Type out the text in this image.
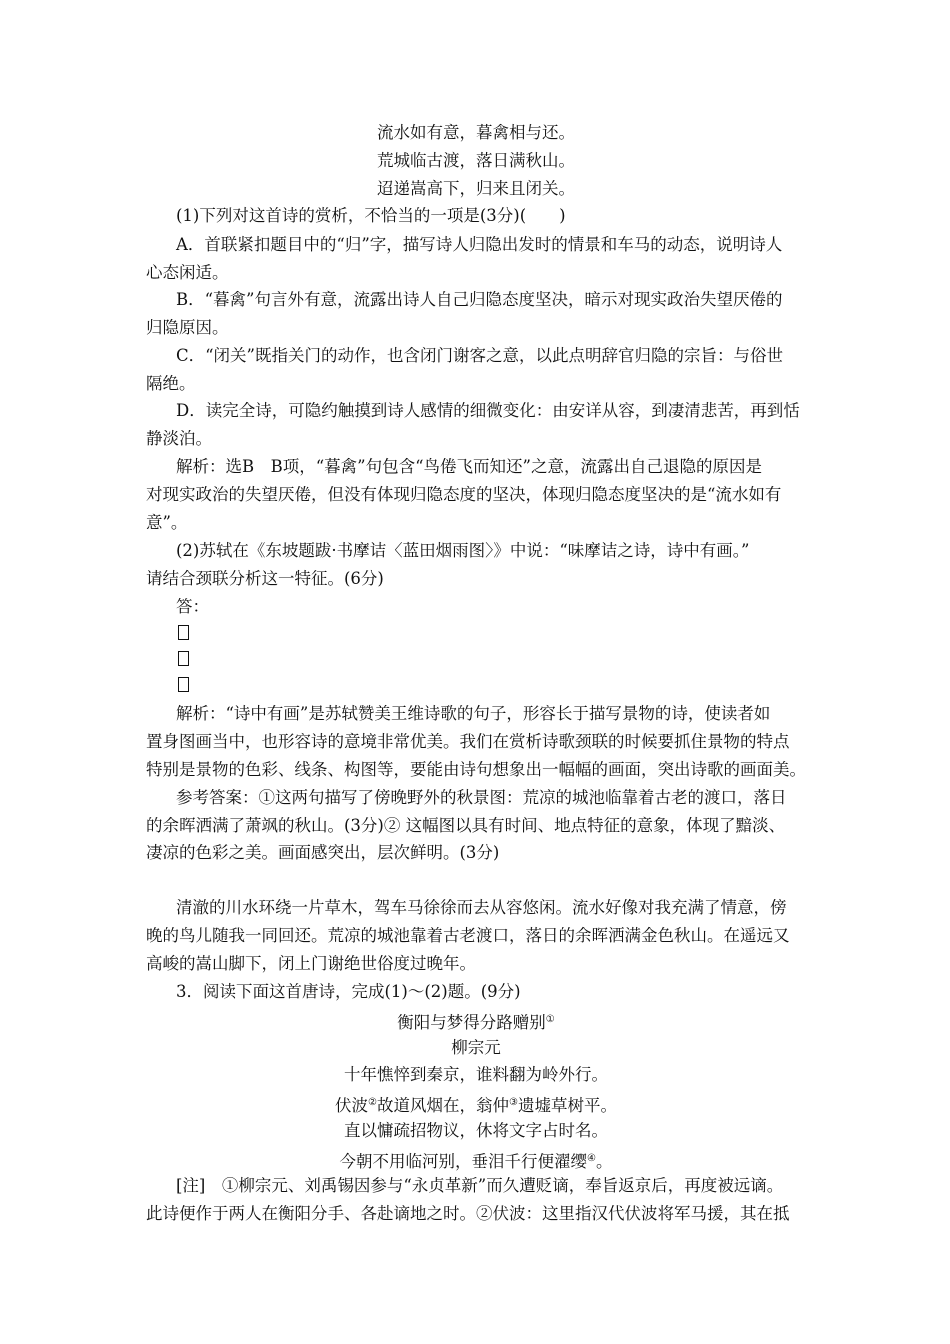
流水如有意，暮禽相与还。
荒城临古渡，落日满秋山。
迢递嵩高下，归来且闭关。
(1)下列对这首诗的赏析，不恰当的一项是(3分)(　　)
A．首联紧扣题目中的“归”字，描写诗人归隐出发时的情景和车马的动态，说明诗人
心态闲适。
B．“暮禽”句言外有意，流露出诗人自己归隐态度坚决，暗示对现实政治失望厌倦的
归隐原因。
C．“闭关”既指关门的动作，也含闭门谢客之意，以此点明辞官归隐的宗旨：与俗世
隔绝。
D．读完全诗，可隐约触摸到诗人感情的细微变化：由安详从容，到凄清悲苦，再到恬
静淡泊。
解析：选B　B项，“暮禽”句包含“鸟倦飞而知还”之意，流露出自己退隐的原因是
对现实政治的失望厌倦，但没有体现归隐态度的坚决，体现归隐态度坚决的是“流水如有
意”。
(2)苏轼在《东坡题跋·书摩诘〈蓝田烟雨图〉》中说：“味摩诘之诗，诗中有画。”
请结合颈联分析这一特征。(6分)
答：
解析：“诗中有画”是苏轼赞美王维诗歌的句子，形容长于描写景物的诗，使读者如
置身图画当中，也形容诗的意境非常优美。我们在赏析诗歌颈联的时候要抓住景物的特点
特别是景物的色彩、线条、构图等，要能由诗句想象出一幅幅的画面，突出诗歌的画面美。
参考答案：①这两句描写了傍晚野外的秋景图：荒凉的城池临靠着古老的渡口，落日
的余晖洒满了萧飒的秋山。(3分)② 这幅图以具有时间、地点特征的意象，体现了黯淡、
凄凉的色彩之美。画面感突出，层次鲜明。(3分)
清澈的川水环绕一片草木，驾车马徐徐而去从容悠闲。流水好像对我充满了情意，傍
晚的鸟儿随我一同回还。荒凉的城池靠着古老渡口，落日的余晖洒满金色秋山。在遥远又
高峻的嵩山脚下，闭上门谢绝世俗度过晚年。
3．阅读下面这首唐诗，完成(1)～(2)题。(9分)
衡阳与梦得分路赠别①
柳宗元
十年憔悴到秦京，谁料翻为岭外行。
伏波②故道风烟在，翁仲③遗墟草树平。
直以慵疏招物议，休将文字占时名。
今朝不用临河别，垂泪千行便濯缨④。
[注]　①柳宗元、刘禹锡因参与“永贞革新”而久遭贬谪，奉旨返京后，再度被远谪。
此诗便作于两人在衡阳分手、各赴谪地之时。②伏波：这里指汉代伏波将军马援，其在抵
